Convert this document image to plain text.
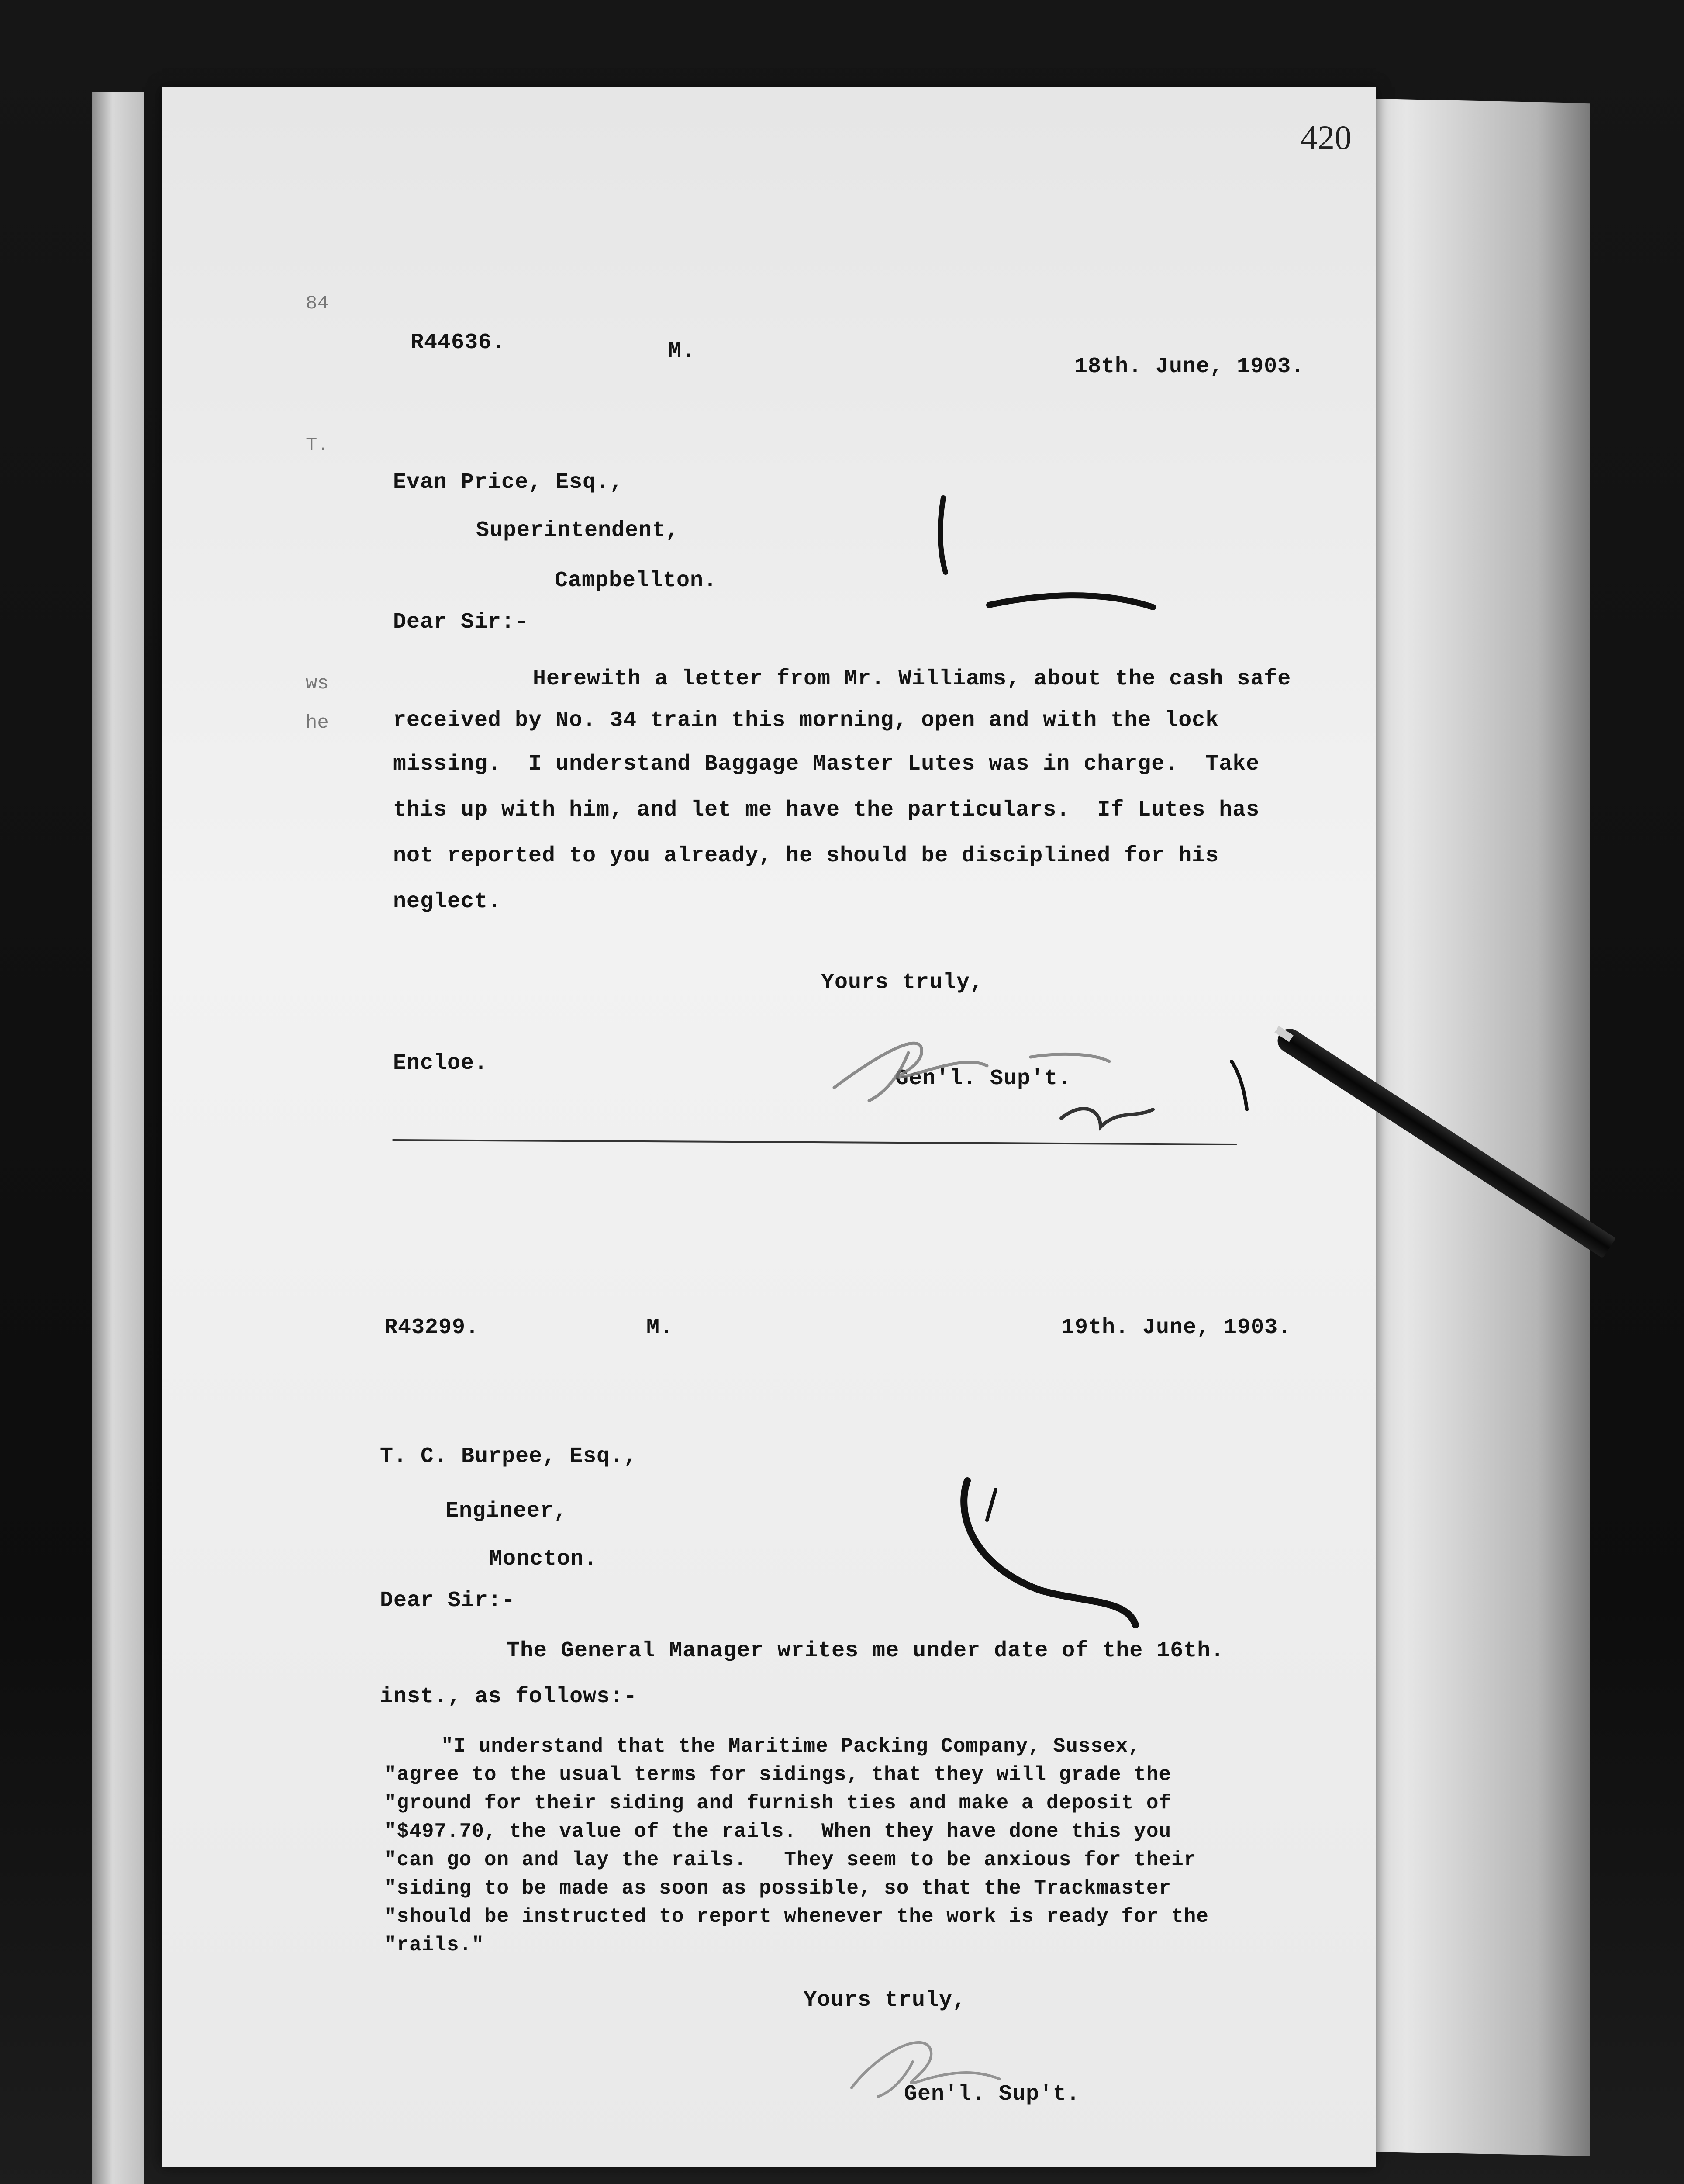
420
84
T.
ws
he
R44636.	M.
18th. June, 1903.
Evan Price, Esq.,
Superintendent,
Campbellton.
Dear Sir:-
Herewith a letter from Mr. Williams, about the cash safe
received by No. 34 train this morning, open and with the lock
missing.  I understand Baggage Master Lutes was in charge.  Take
this up with him, and let me have the particulars.  If Lutes has
not reported to you already, he should be disciplined for his
neglect.
Yours truly,
Encloe.
Gen'l. Sup't.
R43299.	M.	19th. June, 1903.
T. C. Burpee, Esq.,
Engineer,
Moncton.
Dear Sir:-
The General Manager writes me under date of the 16th.
inst., as follows:-
"I understand that the Maritime Packing Company, Sussex,
"agree to the usual terms for sidings, that they will grade the
"ground for their siding and furnish ties and make a deposit of
"$497.70, the value of the rails.  When they have done this you
"can go on and lay the rails.   They seem to be anxious for their
"siding to be made as soon as possible, so that the Trackmaster
"should be instructed to report whenever the work is ready for the
"rails."
Yours truly,
Gen'l. Sup't.
